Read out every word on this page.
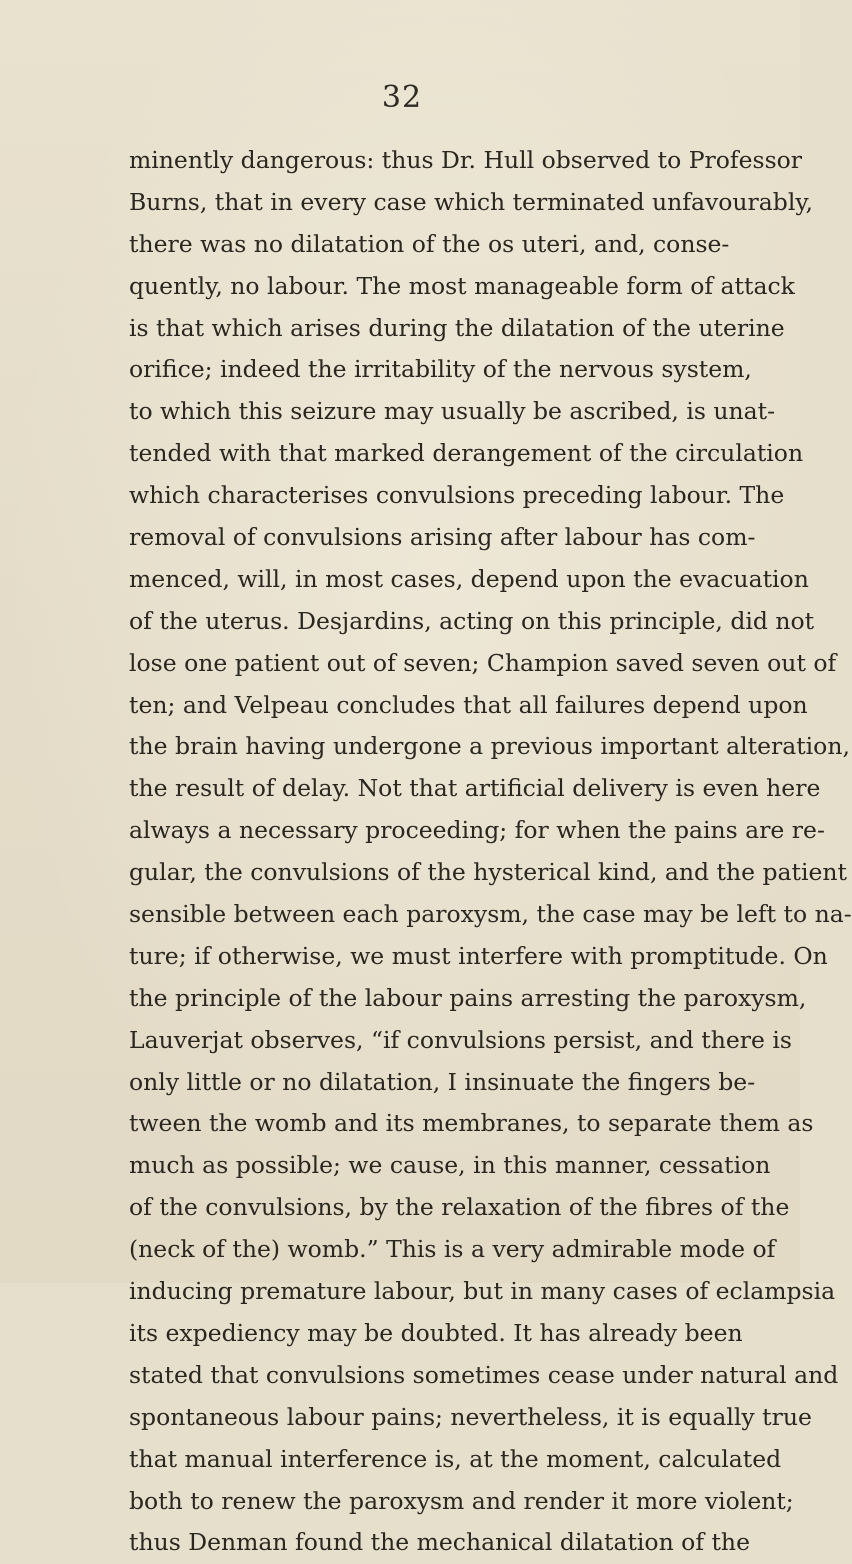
32
minently dangerous: thus Dr. Hull observed to Professor
Burns, that in every case which terminated unfavourably,
there was no dilatation of the os uteri, and, conse-
quently, no labour. The most manageable form of attack
is that which arises during the dilatation of the uterine
orifice; indeed the irritability of the nervous system,
to which this seizure may usually be ascribed, is unat-
tended with that marked derangement of the circulation
which characterises convulsions preceding labour. The
removal of convulsions arising after labour has com-
menced, will, in most cases, depend upon the evacuation
of the uterus. Desjardins, acting on this principle, did not
lose one patient out of seven; Champion saved seven out of
ten; and Velpeau concludes that all failures depend upon
the brain having undergone a previous important alteration,
the result of delay. Not that artificial delivery is even here
always a necessary proceeding; for when the pains are re-
gular, the convulsions of the hysterical kind, and the patient
sensible between each paroxysm, the case may be left to na-
ture; if otherwise, we must interfere with promptitude. On
the principle of the labour pains arresting the paroxysm,
Lauverjat observes, “if convulsions persist, and there is
only little or no dilatation, I insinuate the fingers be-
tween the womb and its membranes, to separate them as
much as possible; we cause, in this manner, cessation
of the convulsions, by the relaxation of the fibres of the
(neck of the) womb.” This is a very admirable mode of
inducing premature labour, but in many cases of eclampsia
its expediency may be doubted. It has already been
stated that convulsions sometimes cease under natural and
spontaneous labour pains; nevertheless, it is equally true
that manual interference is, at the moment, calculated
both to renew the paroxysm and render it more violent;
thus Denman found the mechanical dilatation of the
